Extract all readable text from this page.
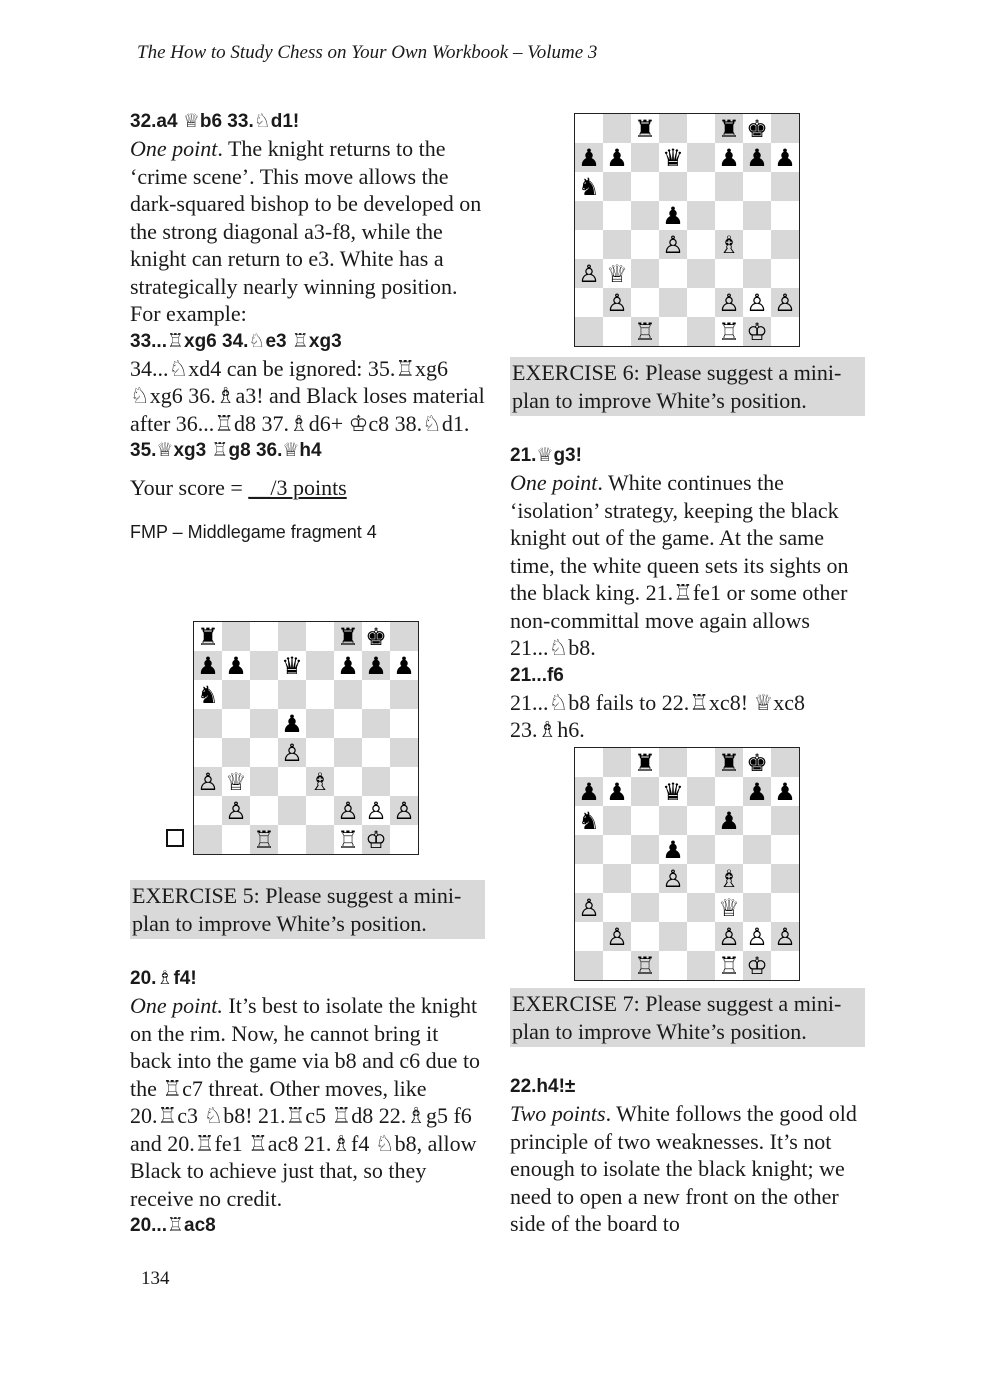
The How to Study Chess on Your Own Workbook – Volume 3

32.a4 ♕b6 33.♘d1!

One point. The knight returns to the ‘crime scene’. This move allows the dark-squared bishop to be developed on the strong diagonal a3-f8, while the knight can return to e3. White has a strategically nearly winning position. For example:

33...♖xg6 34.♘e3 ♖xg3

34...♘xd4 can be ignored: 35.♖xg6 ♘xg6 36.♗a3! and Black loses material after 36...♖d8 37.♗d6+ ♔c8 38.♘d1.

35.♕xg3 ♖g8 36.♕h4

Your score = __/3 points

FMP – Middlegame fragment 4

♜	♜ ♚
♟ ♟ ♛ ♟ ♟ ♟
♞
♟
♙
♙ ♕	♗
♙	♙ ♙ ♙
♖	♖ ♔

EXERCISE 5: Please suggest a mini-plan to improve White’s position.

20.♗f4!

One point. It’s best to isolate the knight on the rim. Now, he cannot bring it back into the game via b8 and c6 due to the ♖c7 threat. Other moves, like 20.♖c3 ♘b8! 21.♖c5 ♖d8 22.♗g5 f6 and 20.♖fe1 ♖ac8 21.♗f4 ♘b8, allow Black to achieve just that, so they receive no credit.

20...♖ac8

♜	♜ ♚
♟ ♟ ♛ ♟ ♟ ♟
♞
♟
♙ ♗
♙ ♕
♙	♙ ♙ ♙
♖	♖ ♔

EXERCISE 6: Please suggest a mini-plan to improve White’s position.

21.♕g3!

One point. White continues the ‘isolation’ strategy, keeping the black knight out of the game. At the same time, the white queen sets its sights on the black king. 21.♖fe1 or some other non-committal move again allows 21...♘b8.

21...f6

21...♘b8 fails to 22.♖xc8! ♕xc8 23.♗h6.

♜	♜ ♚
♟ ♟ ♛	♟ ♟
♞	♟
♟
♙ ♗
♙	♕
♙	♙ ♙ ♙
♖	♖ ♔

EXERCISE 7: Please suggest a mini-plan to improve White’s position.

22.h4!±

Two points. White follows the good old principle of two weaknesses. It’s not enough to isolate the black knight; we need to open a new front on the other side of the board to

134
